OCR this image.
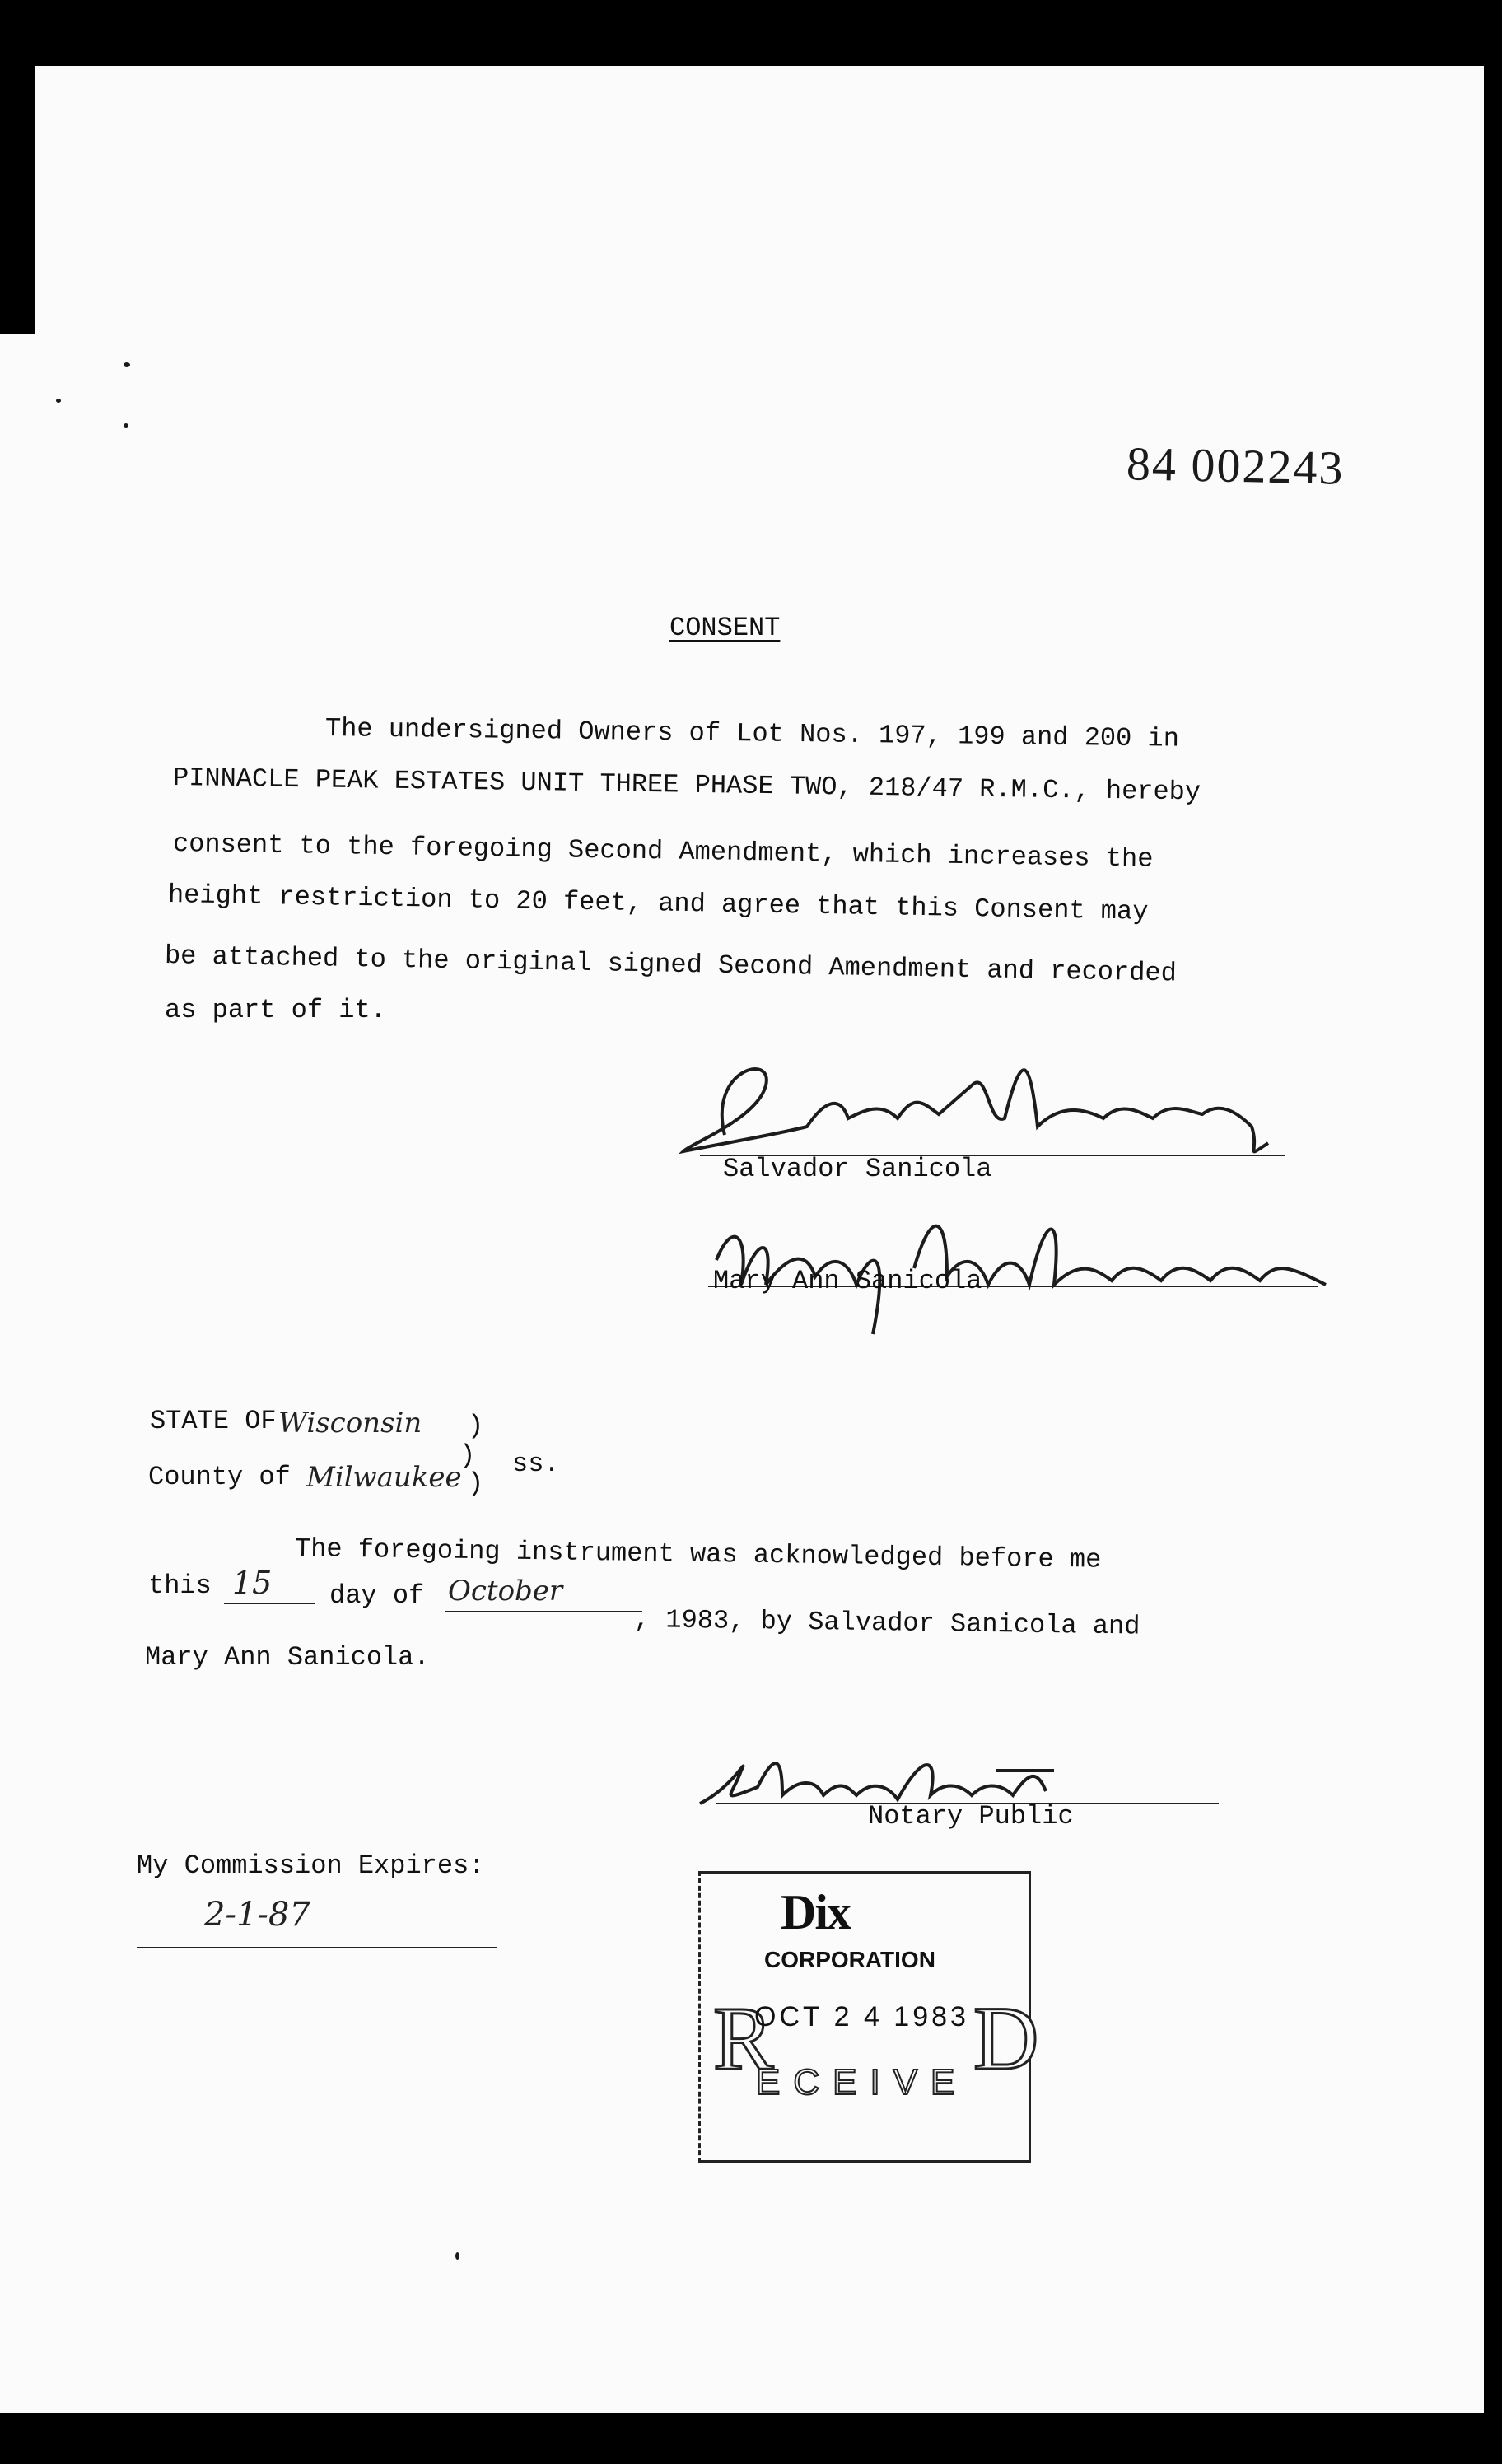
84 002243
CONSENT
The undersigned Owners of Lot Nos. 197, 199 and 200 in
PINNACLE PEAK ESTATES UNIT THREE PHASE TWO, 218/47 R.M.C., hereby
consent to the foregoing Second Amendment, which increases the
height restriction to 20 feet, and agree that this Consent may
be attached to the original signed Second Amendment and recorded
as part of it.
Salvador Sanicola
Mary Ann Sanicola
STATE OF Wisconsin )
County of Milwaukee
)
)
ss.
The foregoing instrument was acknowledged before me
this 15 day of October
, 1983, by Salvador Sanicola and
Mary Ann Sanicola.
Notary Public
My Commission Expires:
2-1-87	Dix
CORPORATION
R
OCT 2 4 1983
ECEIVE D
